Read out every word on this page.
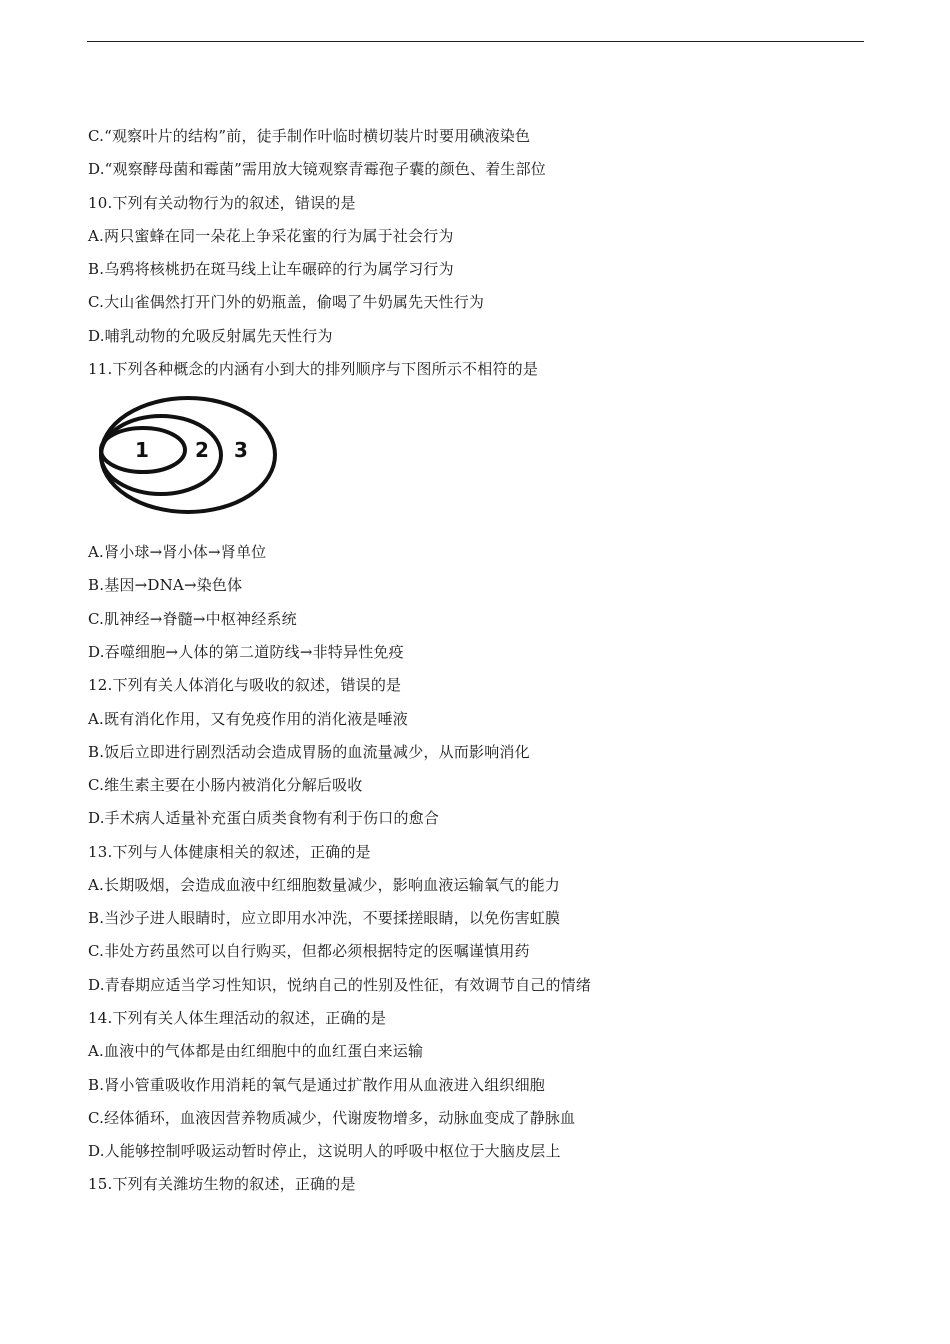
C.“观察叶片的结构”前，徒手制作叶临时横切装片时要用碘液染色
D.“观察酵母菌和霉菌”需用放大镜观察青霉孢子囊的颜色、着生部位
10.下列有关动物行为的叙述，错误的是
A.两只蜜蜂在同一朵花上争采花蜜的行为属于社会行为
B.乌鸦将核桃扔在斑马线上让车碾碎的行为属学习行为
C.大山雀偶然打开门外的奶瓶盖，偷喝了牛奶属先天性行为
D.哺乳动物的允吸反射属先天性行为
11.下列各种概念的内涵有小到大的排列顺序与下图所示不相符的是
1 2 3
A.肾小球→肾小体→肾单位
B.基因→DNA→染色体
C.肌神经→脊髓→中枢神经系统
D.吞噬细胞→人体的第二道防线→非特异性免疫
12.下列有关人体消化与吸收的叙述，错误的是
A.既有消化作用，又有免疫作用的消化液是唾液
B.饭后立即进行剧烈活动会造成胃肠的血流量减少，从而影响消化
C.维生素主要在小肠内被消化分解后吸收
D.手术病人适量补充蛋白质类食物有利于伤口的愈合
13.下列与人体健康相关的叙述，正确的是
A.长期吸烟，会造成血液中红细胞数量减少，影响血液运输氧气的能力
B.当沙子进人眼睛时，应立即用水冲洗，不要揉搓眼睛，以免伤害虹膜
C.非处方药虽然可以自行购买，但都必须根据特定的医嘱谨慎用药
D.青春期应适当学习性知识，悦纳自己的性别及性征，有效调节自己的情绪
14.下列有关人体生理活动的叙述，正确的是
A.血液中的气体都是由红细胞中的血红蛋白来运输
B.肾小管重吸收作用消耗的氧气是通过扩散作用从血液进入组织细胞
C.经体循环，血液因营养物质减少，代谢废物增多，动脉血变成了静脉血
D.人能够控制呼吸运动暂时停止，这说明人的呼吸中枢位于大脑皮层上
15.下列有关潍坊生物的叙述，正确的是
